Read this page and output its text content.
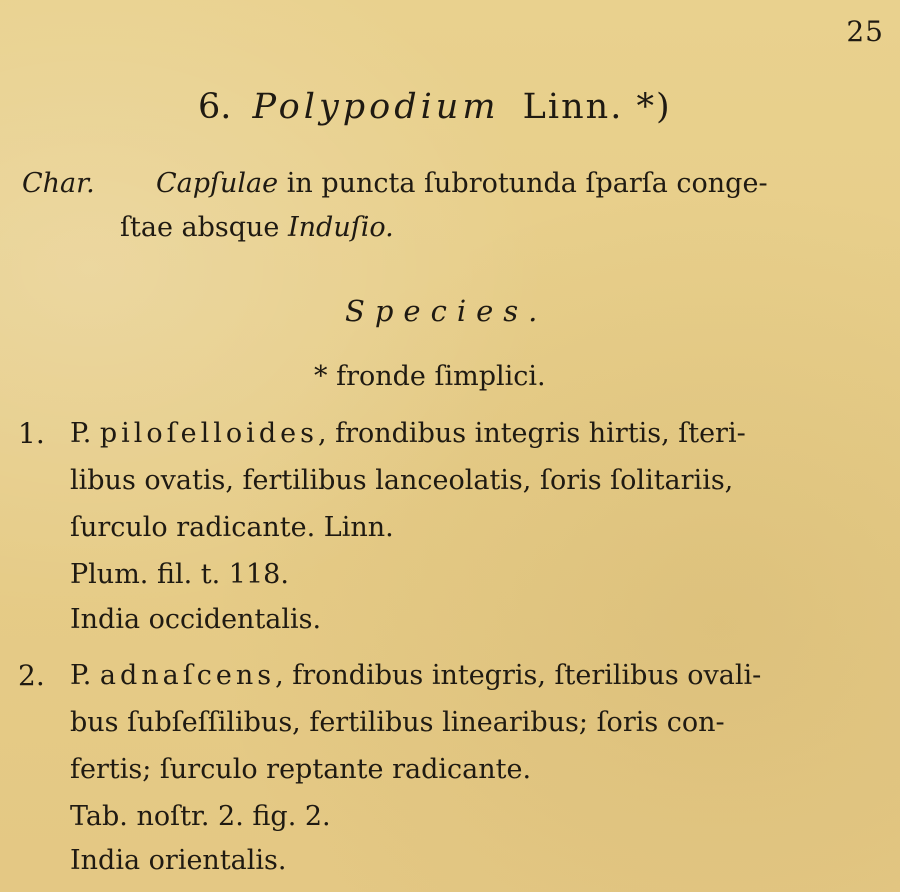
25
6. Polypodium Linn. *)
Char. Capſulae in puncta ſubrotunda ſparſa conge-
ſtae absque Induſio.
Species.
* fronde ſimplici.
1. P. piloſelloides, frondibus integris hirtis, ſteri-
libus ovatis, fertilibus lanceolatis, ſoris ſolitariis,
ſurculo radicante. Linn.
Plum. fil. t. 118.
India occidentalis.
2. P. adnaſcens, frondibus integris, ſterilibus ovali-
bus ſubſeſſilibus, fertilibus linearibus; ſoris con-
fertis; ſurculo reptante radicante.
Tab. noſtr. 2. fig. 2.
India orientalis.
